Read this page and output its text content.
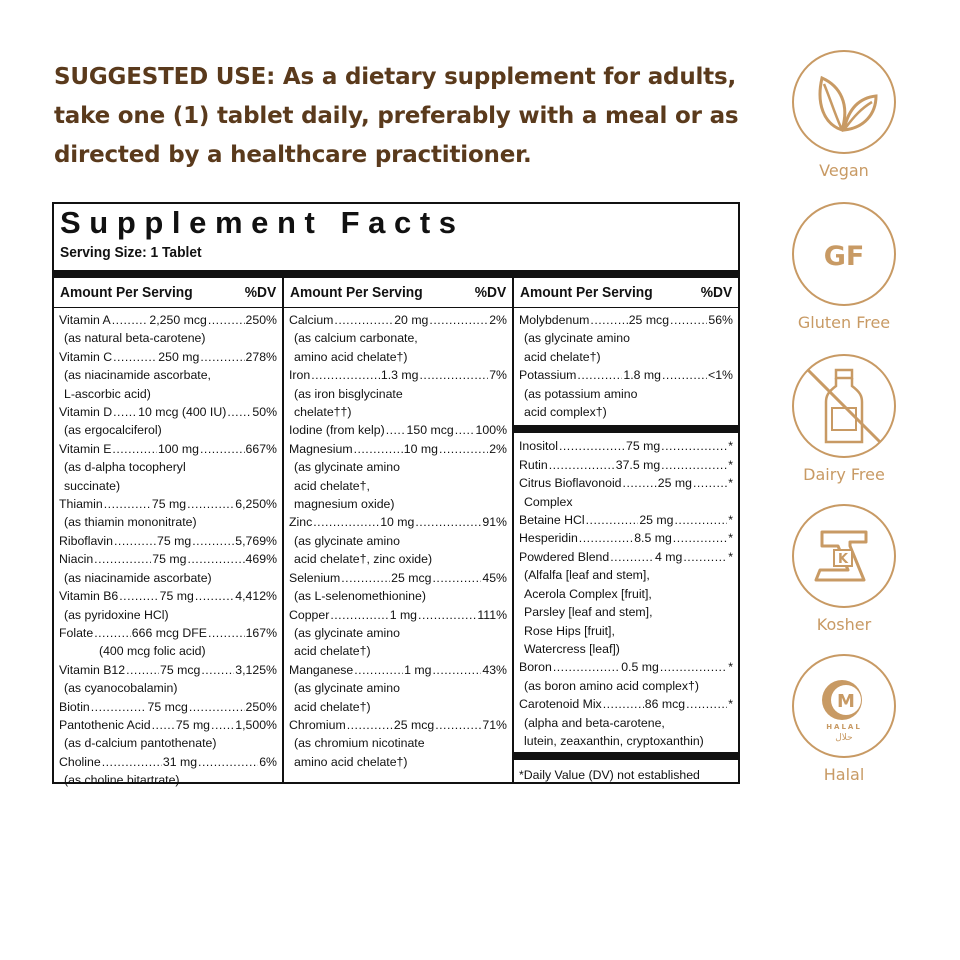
SUGGESTED USE: As a dietary supplement for adults, take one (1) tablet daily, preferably with a meal or as directed by a healthcare practitioner.
Supplement Facts
Serving Size: 1 Tablet
Amount Per Serving	%DV
Vitamin A .....	2,250 mcg .....	250%
(as natural beta-carotene)
Vitamin C .....	250 mg .....	278%
(as niacinamide ascorbate,
L-ascorbic acid)
Vitamin D ..... 10 mcg (400 IU) ..... 50%
(as ergocalciferol)
Vitamin E .....	100 mg .....	667%
(as d-alpha tocopheryl
succinate)
Thiamin .....	75 mg .....	6,250%
(as thiamin mononitrate)
Riboflavin .....	75 mg .....	5,769%
Niacin .....	75 mg .....	469%
(as niacinamide ascorbate)
Vitamin B6 .....	75 mg .....	4,412%
(as pyridoxine HCl)
Folate .....	666 mcg DFE .....	167%
(400 mcg folic acid)
Vitamin B12 .....	75 mcg .....	3,125%
(as cyanocobalamin)
Biotin .....	75 mcg .....	250%
Pantothenic Acid ..... 75 mg ..... 1,500%
(as d-calcium pantothenate)
Choline .....	31 mg .....	6%
(as choline bitartrate)
Amount Per Serving	%DV
Calcium .....	20 mg .....	2%
(as calcium carbonate,
amino acid chelate†)
Iron .....	1.3 mg .....	7%
(as iron bisglycinate
chelate††)
Iodine (from kelp) ..... 150 mcg ..... 100%
Magnesium .....	10 mg .....	2%
(as glycinate amino
acid chelate†,
magnesium oxide)
Zinc .....	10 mg .....	91%
(as glycinate amino
acid chelate†, zinc oxide)
Selenium .....	25 mcg .....	45%
(as L-selenomethionine)
Copper .....	1 mg .....	111%
(as glycinate amino
acid chelate†)
Manganese .....	1 mg .....	43%
(as glycinate amino
acid chelate†)
Chromium .....	25 mcg .....	71%
(as chromium nicotinate
amino acid chelate†)
Amount Per Serving	%DV
Molybdenum .....	25 mcg .....	56%
(as glycinate amino
acid chelate†)
Potassium .....	1.8 mg .....	<1%
(as potassium amino
acid complex†)
Inositol .....	75 mg .....	*
Rutin .....	37.5 mg .....	*
Citrus Bioflavonoid .....	25 mg .....	*
Complex
Betaine HCl .....	25 mg .....	*
Hesperidin .....	8.5 mg .....	*
Powdered Blend .....	4 mg .....	*
(Alfalfa [leaf and stem],
Acerola Complex [fruit],
Parsley [leaf and stem],
Rose Hips [fruit],
Watercress [leaf])
Boron .....	0.5 mg .....	*
(as boron amino acid complex†)
Carotenoid Mix .....	86 mcg .....	*
(alpha and beta-carotene,
lutein, zeaxanthin, cryptoxanthin)
*Daily Value (DV) not established
Vegan
GF
Gluten Free
Dairy Free
K
Kosher
M
HALAL
حلال
Halal
